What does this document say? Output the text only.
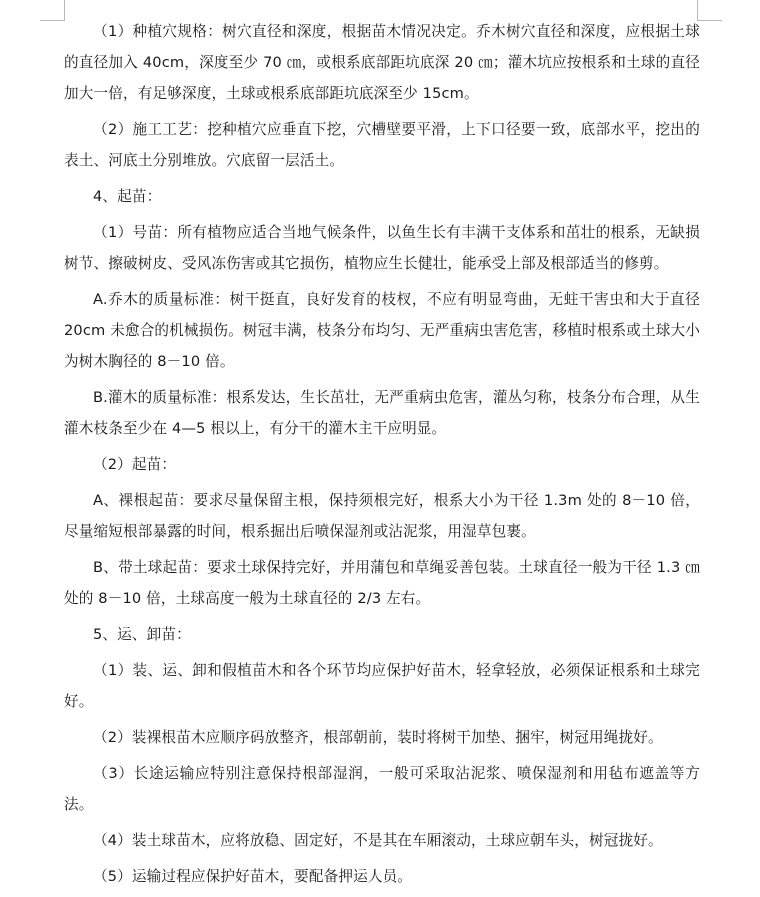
（1）种植穴规格：树穴直径和深度，根据苗木情况决定。乔木树穴直径和深度，应根据土球的直径加入 40cm，深度至少 70 ㎝，或根系底部距坑底深 20 ㎝；灌木坑应按根系和土球的直径加大一倍，有足够深度，土球或根系底部距坑底深至少 15cm。

（2）施工工艺：挖种植穴应垂直下挖，穴槽壁要平滑，上下口径要一致，底部水平，挖出的表土、河底土分别堆放。穴底留一层活土。

4、起苗：

（1）号苗：所有植物应适合当地气候条件，以鱼生长有丰满干支体系和茁壮的根系，无缺损树节、擦破树皮、受风冻伤害或其它损伤，植物应生长健壮，能承受上部及根部适当的修剪。

A.乔木的质量标准：树干挺直，良好发育的枝杈，不应有明显弯曲，无蛀干害虫和大于直径 20cm 未愈合的机械损伤。树冠丰满，枝条分布均匀、无严重病虫害危害，移植时根系或土球大小为树木胸径的 8－10 倍。

B.灌木的质量标准：根系发达，生长茁壮，无严重病虫危害，灌丛匀称，枝条分布合理，从生灌木枝条至少在 4—5 根以上，有分干的灌木主干应明显。

（2）起苗：

A、裸根起苗：要求尽量保留主根，保持须根完好，根系大小为干径 1.3m 处的 8－10 倍，尽量缩短根部暴露的时间，根系掘出后喷保湿剂或沾泥浆，用湿草包裹。

B、带土球起苗：要求土球保持完好，并用蒲包和草绳妥善包装。土球直径一般为干径 1.3 ㎝处的 8－10 倍，土球高度一般为土球直径的 2/3 左右。

5、运、卸苗：

（1）装、运、卸和假植苗木和各个环节均应保护好苗木，轻拿轻放，必须保证根系和土球完好。

（2）装裸根苗木应顺序码放整齐，根部朝前，装时将树干加垫、捆牢，树冠用绳拢好。

（3）长途运输应特别注意保持根部湿润，一般可采取沾泥浆、喷保湿剂和用毡布遮盖等方法。

（4）装土球苗木，应将放稳、固定好，不是其在车厢滚动，土球应朝车头，树冠拢好。

（5）运输过程应保护好苗木，要配备押运人员。
